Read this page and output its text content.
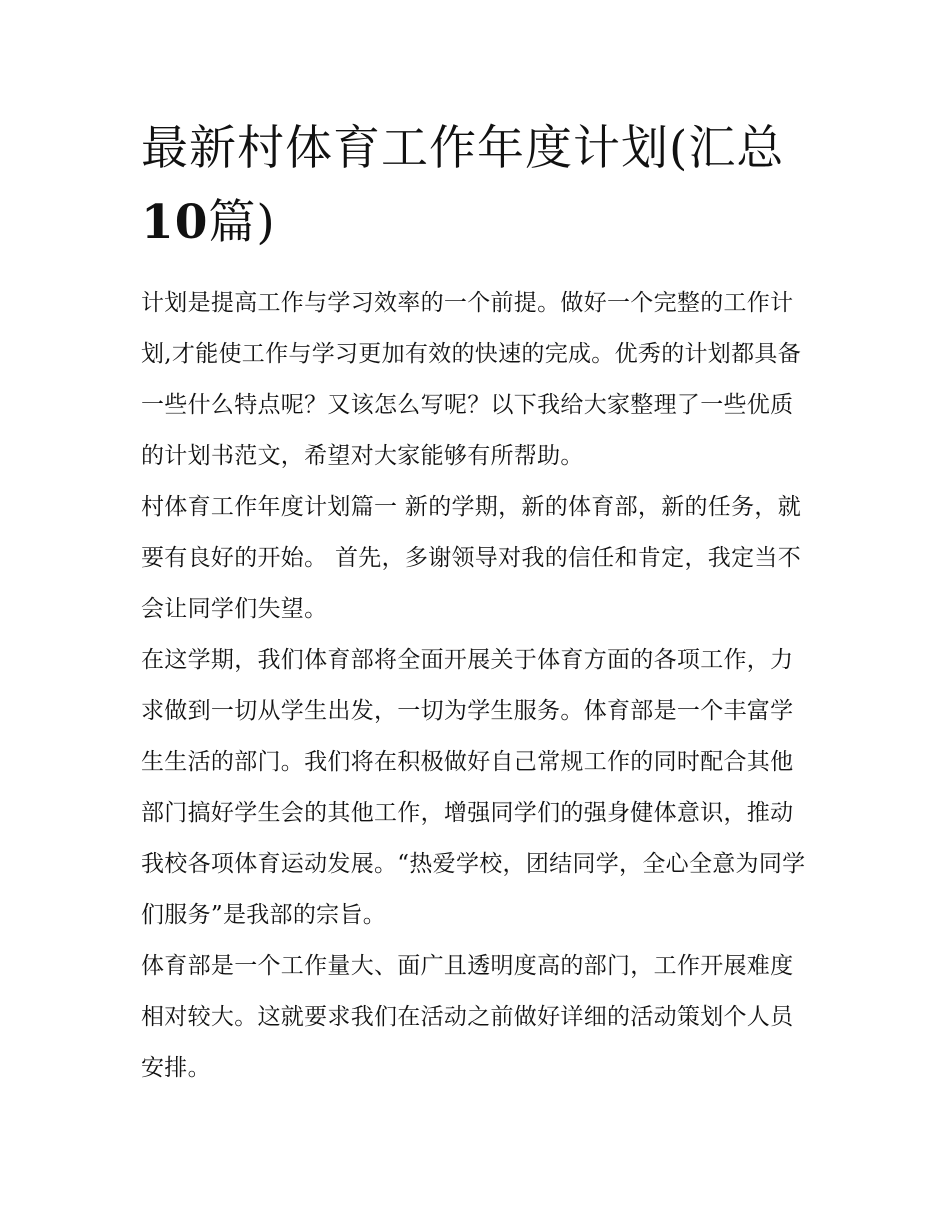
最新村体育工作年度计划(汇总10篇)

计划是提高工作与学习效率的一个前提。做好一个完整的工作计划,才能使工作与学习更加有效的快速的完成。优秀的计划都具备一些什么特点呢？又该怎么写呢？以下我给大家整理了一些优质的计划书范文，希望对大家能够有所帮助。

村体育工作年度计划篇一 新的学期，新的体育部，新的任务，就要有良好的开始。 首先，多谢领导对我的信任和肯定，我定当不会让同学们失望。

在这学期，我们体育部将全面开展关于体育方面的各项工作，力求做到一切从学生出发，一切为学生服务。体育部是一个丰富学生生活的部门。我们将在积极做好自己常规工作的同时配合其他部门搞好学生会的其他工作，增强同学们的强身健体意识，推动我校各项体育运动发展。“热爱学校，团结同学，全心全意为同学们服务”是我部的宗旨。

体育部是一个工作量大、面广且透明度高的部门，工作开展难度相对较大。这就要求我们在活动之前做好详细的活动策划个人员安排。
